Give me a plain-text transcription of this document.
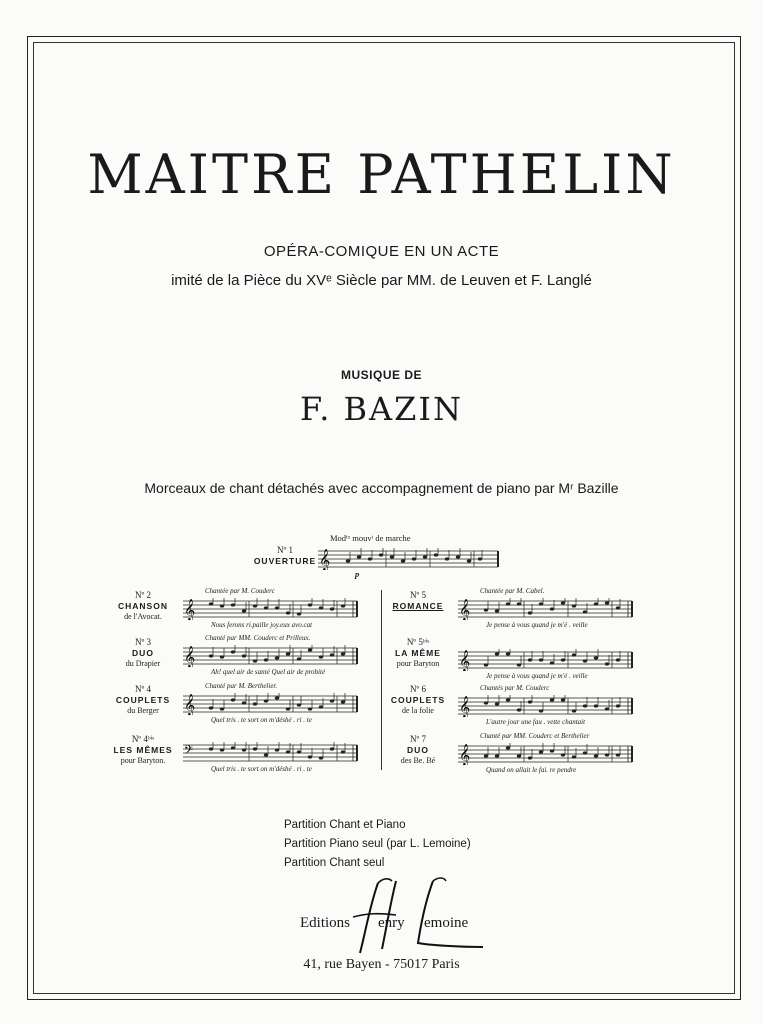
MAITRE PATHELIN
OPÉRA-COMIQUE EN UN ACTE
imité de la Pièce du XVᵉ Siècle par MM. de Leuven et F. Langlé
MUSIQUE DE
F. BAZIN
Morceaux de chant détachés avec accompagnement de piano par Mʳ Bazille
Nº 1
OUVERTURE
Modᵗᵒ mouvᵗ de marche
p
𝄞
Nº 2
CHANSON
de l'Avocat.
Chantée par M. Couderc
𝄞
Nous ferons ri.paille joy.eux avo.cat
Nº 3
DUO
du Drapier
Chanté par MM. Couderc et Prilleux.
𝄞
Ah! quel air de santé Quel air de probité
Nº 4
COUPLETS
du Berger
Chanté par M. Berthelier.
𝄞
Quel tris . te sort on m'déshé . ri . te
Nº 4ᵇⁱˢ
LES MÊMES
pour Baryton.
𝄢
Quel tris . te sort on m'déshé . ri . te
Nº 5
ROMANCE
Chantée par M. Cabel.
𝄞
Je pense à vous quand je m'é . veille
Nº 5ᵇⁱˢ
LA MÊME
pour Baryton	𝄞
Je pense à vous quand je m'é . veille
Nº 6
COUPLETS
de la folie
Chantés par M. Couderc
𝄞
L'autre jour une fau . vette chantait
Nº 7
DUO
des Be. Bé
Chanté par MM. Couderc et Berthelier
𝄞
Quand on allait le fai. re pendre
Partition Chant et Piano
Partition Piano seul (par L. Lemoine)
Partition Chant seul
Editions enry emoine
41, rue Bayen - 75017 Paris
